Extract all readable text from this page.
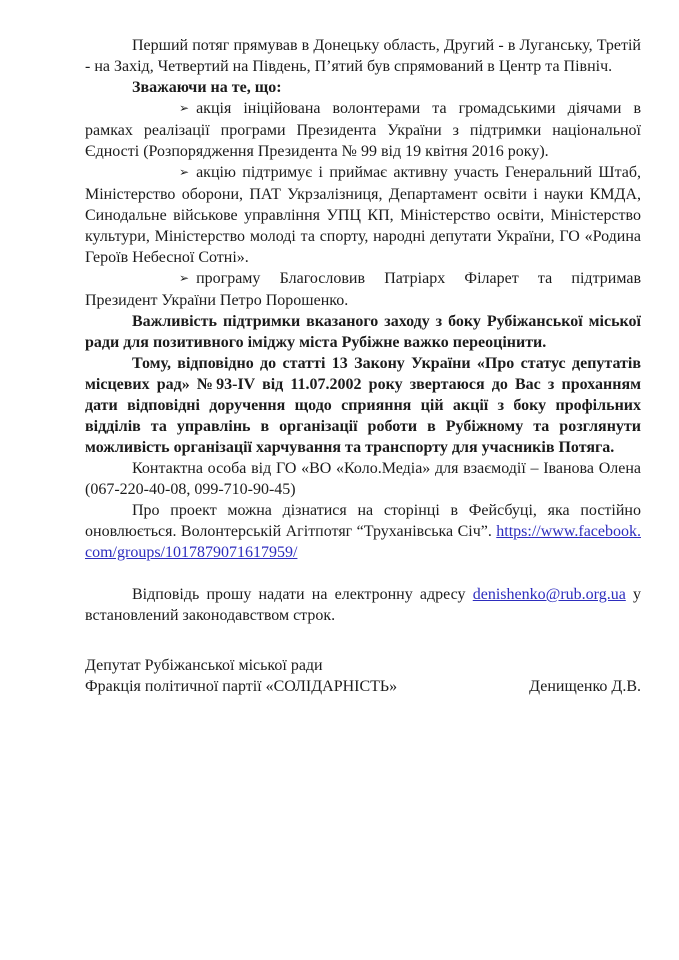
Перший потяг прямував в Донецьку область, Другий - в Луганську, Третій - на Захід, Четвертий на Південь, П’ятий був спрямований в Центр та Північ.

Зважаючи на те, що:

➢ акція ініційована волонтерами та громадськими діячами в рамках реалізації програми Президента України з підтримки національної Єдності (Розпорядження Президента № 99 від 19 квітня 2016 року).

➢ акцію підтримує і приймає активну участь Генеральний Штаб, Міністерство оборони, ПАТ Укрзалізниця, Департамент освіти і науки КМДА, Синодальне військове управління УПЦ КП, Міністерство освіти, Міністерство культури, Міністерство молоді та спорту, народні депутати України, ГО «Родина Героїв Небесної Сотні».

➢ програму Благословив Патріарх Філарет та підтримав Президент України Петро Порошенко.

Важливість підтримки вказаного заходу з боку Рубіжанської міської ради для позитивного іміджу міста Рубіжне важко переоцінити.

Тому, відповідно до статті 13 Закону України «Про статус депутатів місцевих рад» №93-IV від 11.07.2002 року звертаюся до Вас з проханням дати відповідні доручення щодо сприяння цій акції з боку профільних відділів та управлінь в організації роботи в Рубіжному та розглянути можливість організації харчування та транспорту для учасників Потяга.

Контактна особа від ГО «ВО «Коло.Медіа» для взаємодії – Іванова Олена (067-220-40-08, 099-710-90-45)

Про проект можна дізнатися на сторінці в Фейсбуці, яка постійно оновлюється. Волонтерській Агітпотяг “Труханівська Січ”. https://www.facebook.com/groups/1017879071617959/

Відповідь прошу надати на електронну адресу denishenko@rub.org.ua у встановлений законодавством строк.

Депутат Рубіжанської міської ради

Фракція політичної партії «СОЛІДАРНІСТЬ»	Денищенко Д.В.
